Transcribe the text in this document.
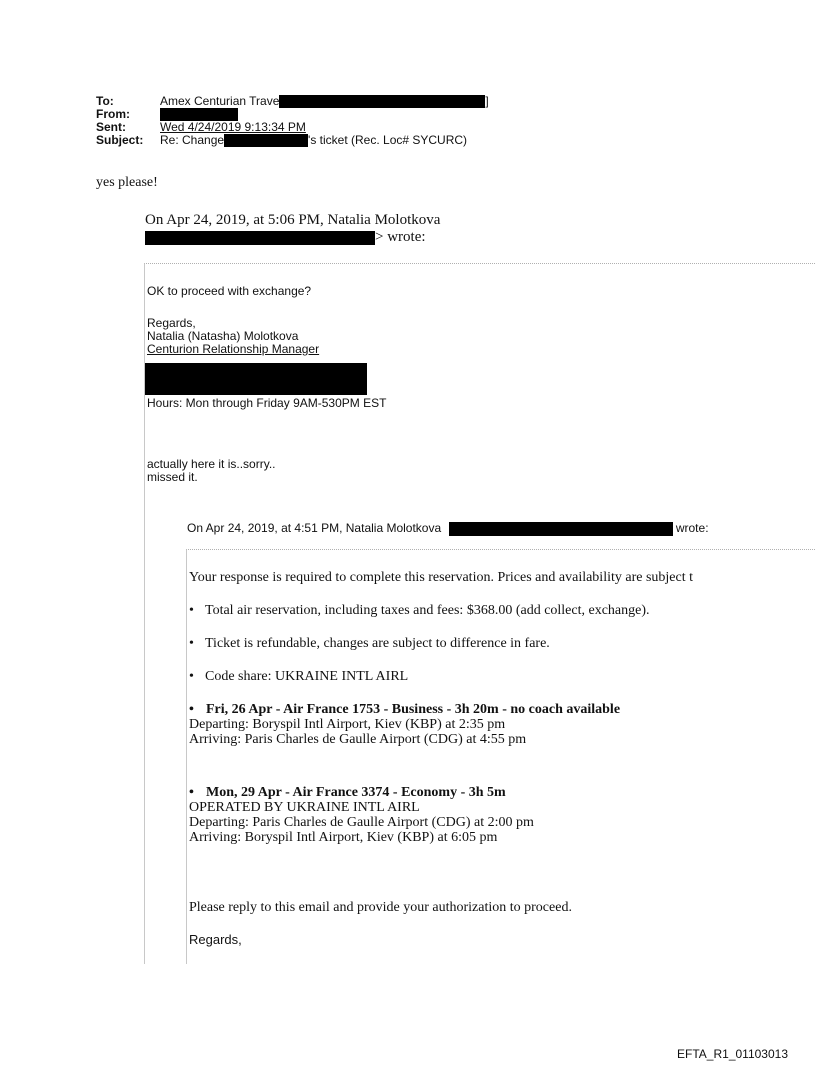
To:	Amex Centurian Trave	]
From:
Sent:	Wed 4/24/2019 9:13:34 PM
Subject:	Re: Change	's ticket (Rec. Loc# SYCURC)
yes please!
On Apr 24, 2019, at 5:06 PM, Natalia Molotkova
> wrote:
OK to proceed with exchange?
Regards,
Natalia (Natasha) Molotkova
Centurion Relationship Manager
Hours: Mon through Friday 9AM-530PM EST
actually here it is..sorry..
missed it.
On Apr 24, 2019, at 4:51 PM, Natalia Molotkova	wrote:
Your response is required to complete this reservation. Prices and availability are subject t
• Total air reservation, including taxes and fees: $368.00 (add collect, exchange).
• Ticket is refundable, changes are subject to difference in fare.
• Code share: UKRAINE INTL AIRL
• Fri, 26 Apr - Air France 1753 - Business - 3h 20m - no coach available
Departing: Boryspil Intl Airport, Kiev (KBP) at 2:35 pm
Arriving: Paris Charles de Gaulle Airport (CDG) at 4:55 pm
• Mon, 29 Apr - Air France 3374 - Economy - 3h 5m
OPERATED BY UKRAINE INTL AIRL
Departing: Paris Charles de Gaulle Airport (CDG) at 2:00 pm
Arriving: Boryspil Intl Airport, Kiev (KBP) at 6:05 pm
Please reply to this email and provide your authorization to proceed.
Regards,
EFTA_R1_01103013
